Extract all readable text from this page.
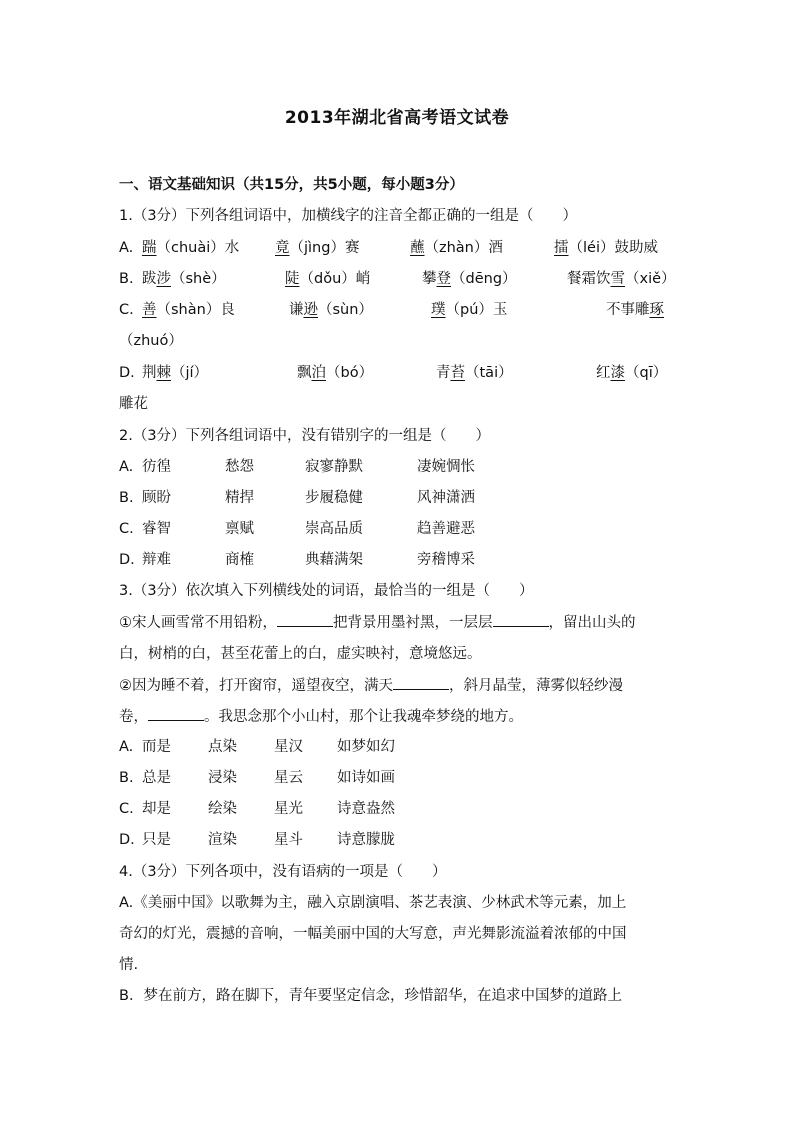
2013年湖北省高考语文试卷
一、语文基础知识（共15分，共5小题，每小题3分）
1.（3分）下列各组词语中，加横线字的注音全都正确的一组是（　　）
A. 踹（chuài）水 竟（jìng）赛	蘸（zhàn）酒	擂（léi）鼓助威
B. 跋涉（shè）	陡（dǒu）峭	攀登（dēng）	餐霜饮雪（xiě）
C. 善（shàn）良	谦逊（sùn）	璞（pú）玉	不事雕琢
（zhuó）
D. 荆棘（jí）	飘泊（bó）	青苔（tāi）	红漆（qī）
雕花
2.（3分）下列各组词语中，没有错别字的一组是（　　）
A. 彷徨	愁怨	寂寥静默	凄婉惆怅
B. 顾盼	精捍	步履稳健	风神潇洒
C. 睿智	禀赋	崇高品质	趋善避恶
D. 辩难	商榷	典藉满架	旁稽博采
3.（3分）依次填入下列横线处的词语，最恰当的一组是（　　）
①宋人画雪常不用铅粉，	把背景用墨衬黑，一层层	，留出山头的
白，树梢的白，甚至花蕾上的白，虚实映衬，意境悠远。
②因为睡不着，打开窗帘，遥望夜空，满天	，斜月晶莹，薄雾似轻纱漫
卷，	。我思念那个小山村，那个让我魂牵梦绕的地方。
A. 而是	点染	星汉 如梦如幻
B. 总是	浸染	星云 如诗如画
C. 却是	绘染	星光 诗意盎然
D. 只是	渲染	星斗 诗意朦胧
4.（3分）下列各项中，没有语病的一项是（　　）
A.《美丽中国》以歌舞为主，融入京剧演唱、茶艺表演、少林武术等元素，加上
奇幻的灯光，震撼的音响，一幅美丽中国的大写意，声光舞影流溢着浓郁的中国
情.
B．梦在前方，路在脚下，青年要坚定信念，珍惜韶华，在追求中国梦的道路上
